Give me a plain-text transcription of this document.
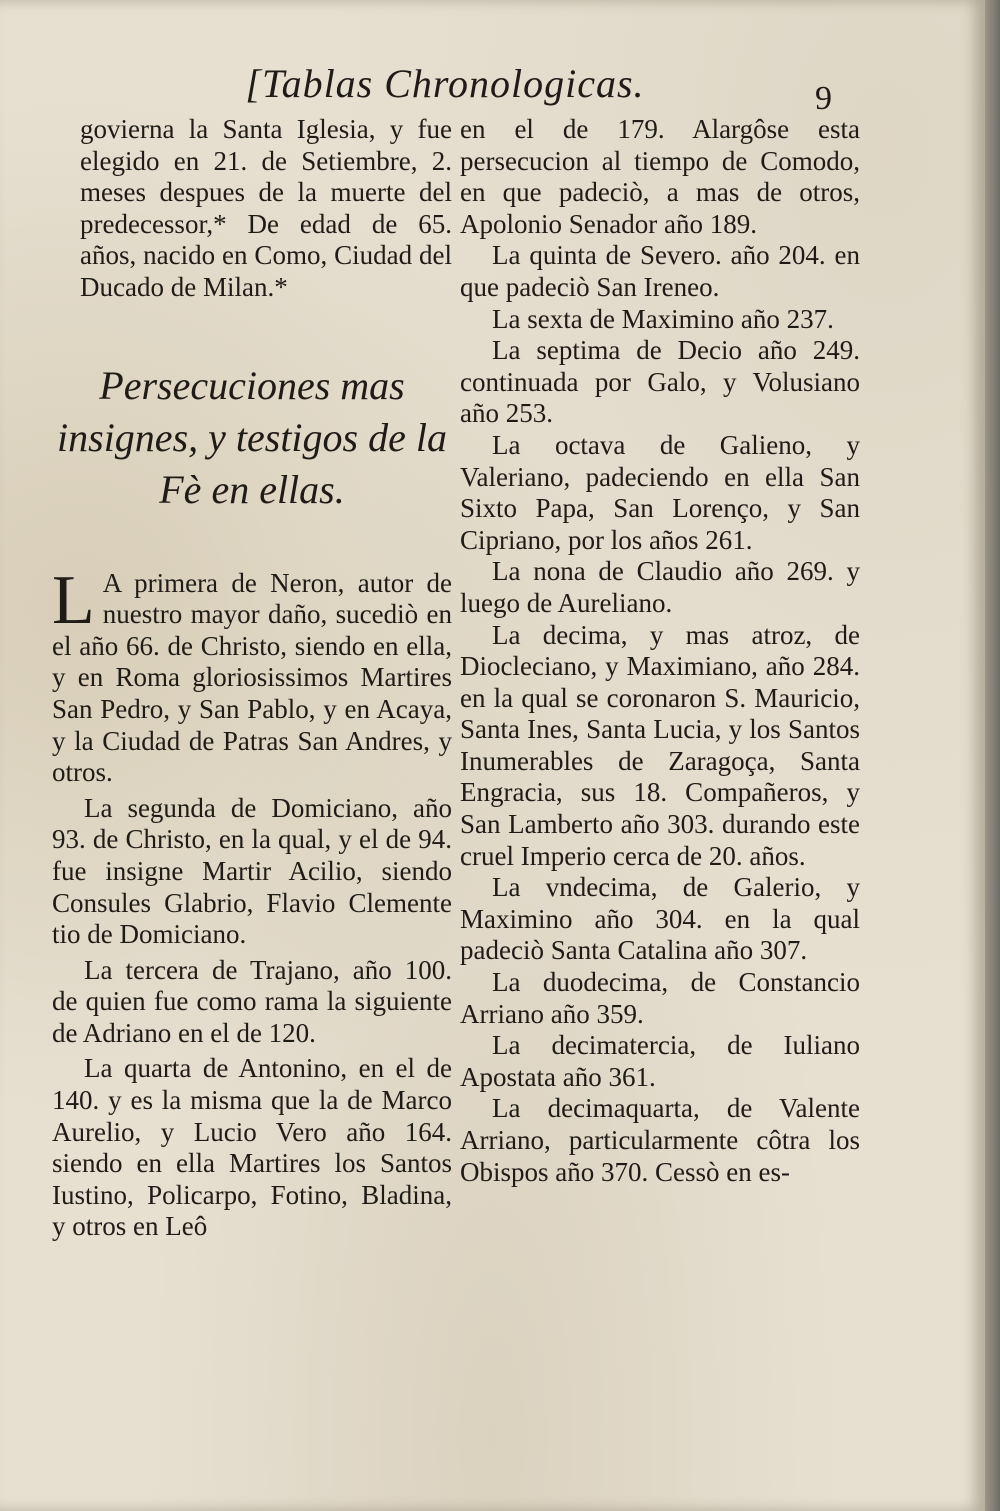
[Tablas Chronologicas.	9

govierna la Santa Iglesia, y fue elegido en 21. de Setiembre, 2. meses despues de la muerte del predecessor,* De edad de 65. años, nacido en Como, Ciudad del Ducado de Milan.*

Persecuciones mas insignes, y testigos de la Fè en ellas.

L A primera de Neron, autor de nuestro mayor daño, sucediò en el año 66. de Christo, siendo en ella, y en Roma gloriosissimos Martires San Pedro, y San Pablo, y en Acaya, y la Ciudad de Patras San Andres, y otros.

La segunda de Domiciano, año 93. de Christo, en la qual, y el de 94. fue insigne Martir Acilio, siendo Consules Glabrio, Flavio Clemente tio de Domiciano.

La tercera de Trajano, año 100. de quien fue como rama la siguiente de Adriano en el de 120.

La quarta de Antonino, en el de 140. y es la misma que la de Marco Aurelio, y Lucio Vero año 164. siendo en ella Martires los Santos Iustino, Policarpo, Fotino, Bladina, y otros en Leô

en el de 179. Alargôse esta persecucion al tiempo de Comodo, en que padeciò, a mas de otros, Apolonio Senador año 189.

La quinta de Severo. año 204. en que padeciò San Ireneo.

La sexta de Maximino año 237.

La septima de Decio año 249. continuada por Galo, y Volusiano año 253.

La octava de Galieno, y Valeriano, padeciendo en ella San Sixto Papa, San Lorenço, y San Cipriano, por los años 261.

La nona de Claudio año 269. y luego de Aureliano.

La decima, y mas atroz, de Diocleciano, y Maximiano, año 284. en la qual se coronaron S. Mauricio, Santa Ines, Santa Lucia, y los Santos Inumerables de Zaragoça, Santa Engracia, sus 18. Compañeros, y San Lamberto año 303. durando este cruel Imperio cerca de 20. años.

La vndecima, de Galerio, y Maximino año 304. en la qual padeciò Santa Catalina año 307.

La duodecima, de Constancio Arriano año 359.

La decimatercia, de Iuliano Apostata año 361.

La decimaquarta, de Valente Arriano, particularmente côtra los Obispos año 370. Cessò en es-
